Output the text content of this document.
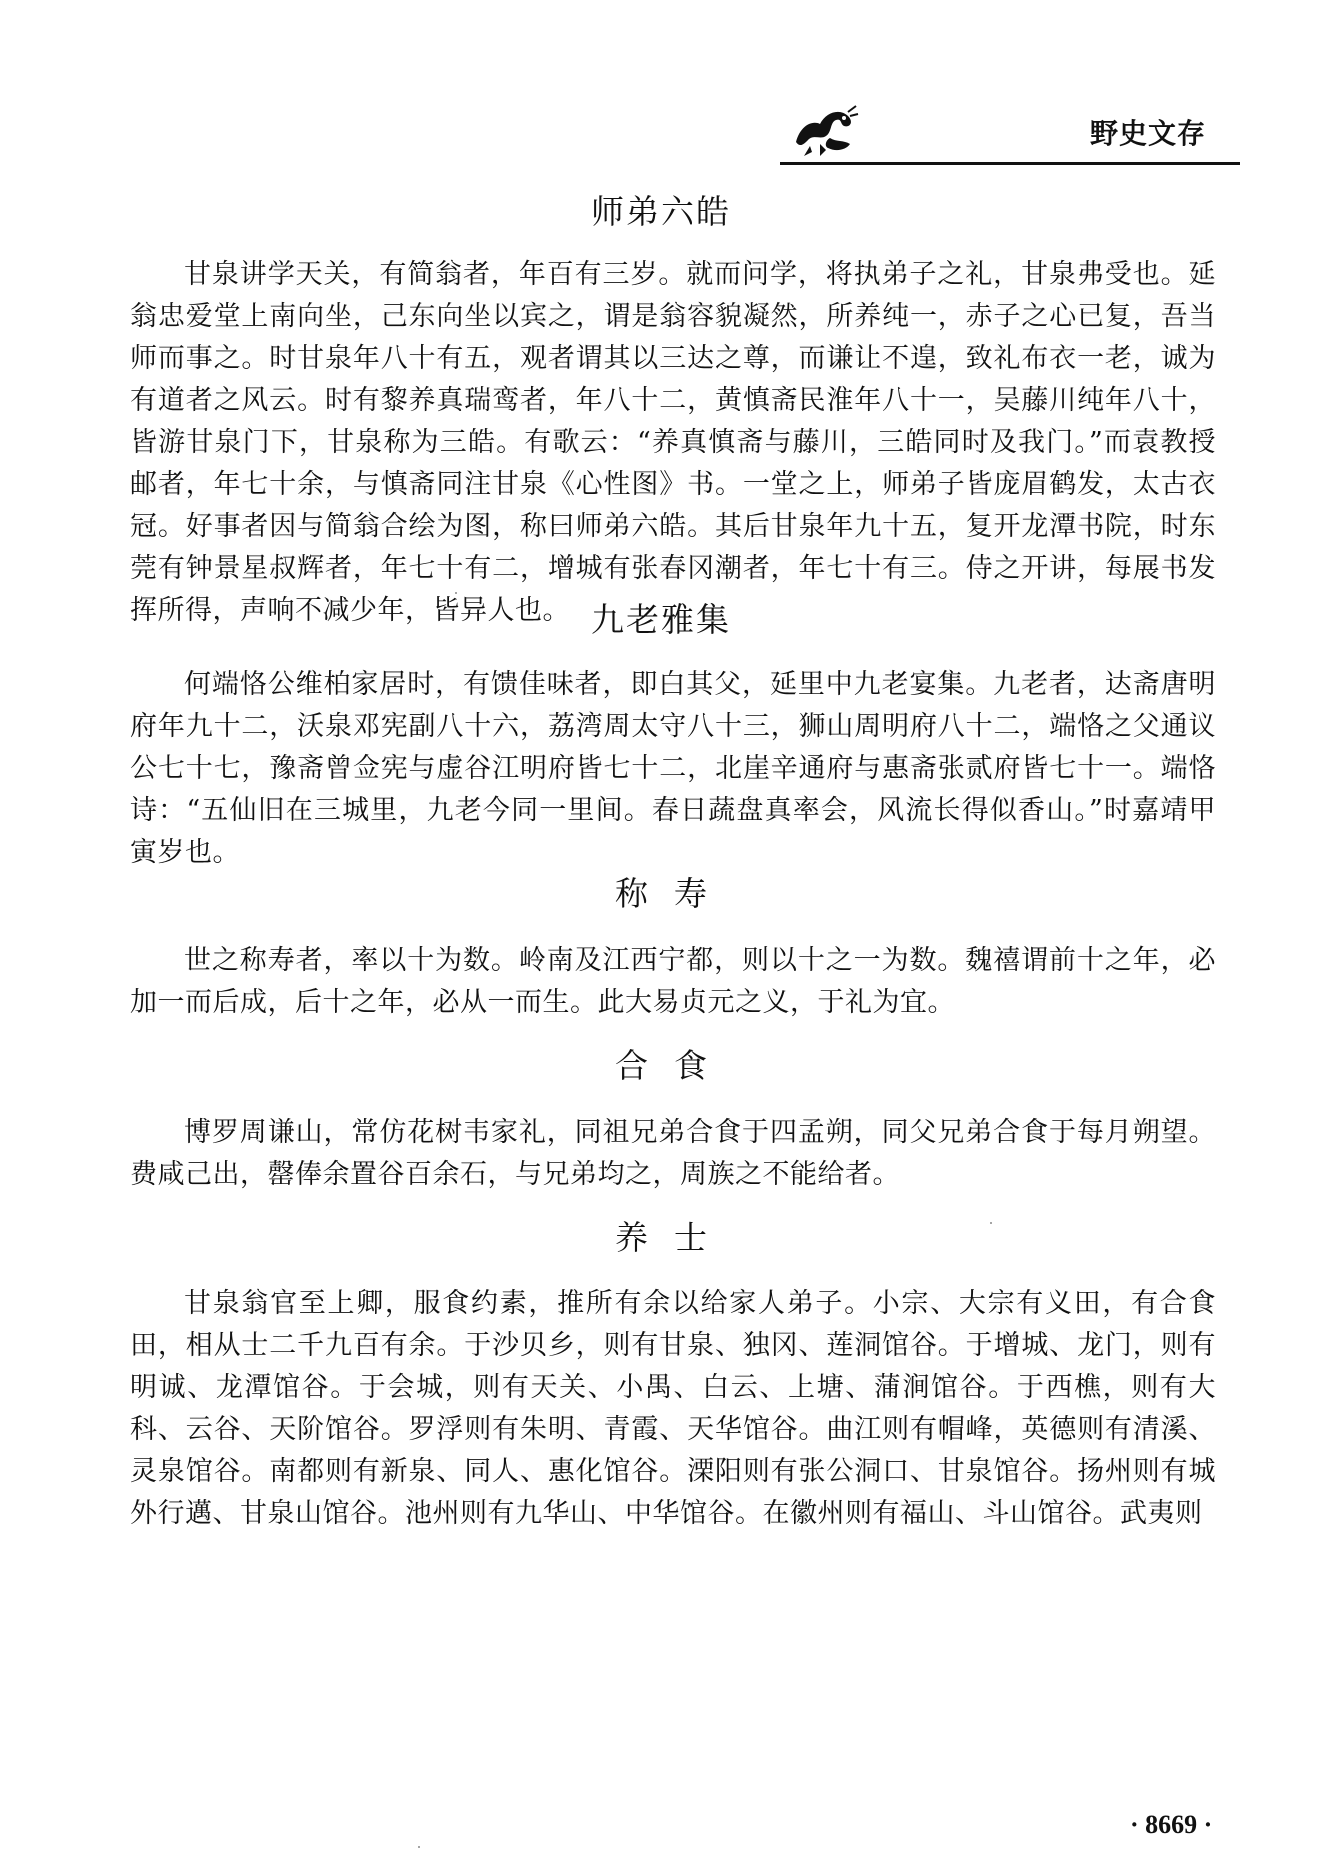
野史文存
师弟六皓

甘泉讲学天关，有简翁者，年百有三岁。就而问学，将执弟子之礼，甘泉弗受也。延翁忠爱堂上南向坐，己东向坐以宾之，谓是翁容貌凝然，所养纯一，赤子之心已复，吾当师而事之。时甘泉年八十有五，观者谓其以三达之尊，而谦让不遑，致礼布衣一老，诚为有道者之风云。时有黎养真瑞鸾者，年八十二，黄慎斋民淮年八十一，吴藤川纯年八十，皆游甘泉门下，甘泉称为三皓。有歌云：“养真慎斋与藤川，三皓同时及我门。”而袁教授邮者，年七十余，与慎斋同注甘泉《心性图》书。一堂之上，师弟子皆庞眉鹤发，太古衣冠。好事者因与简翁合绘为图，称曰师弟六皓。其后甘泉年九十五，复开龙潭书院，时东莞有钟景星叔辉者，年七十有二，增城有张春冈潮者，年七十有三。侍之开讲，每展书发挥所得，声响不减少年，皆异人也。 九老雅集

何端恪公维柏家居时，有馈佳味者，即白其父，延里中九老宴集。九老者，达斋唐明府年九十二，沃泉邓宪副八十六，荔湾周太守八十三，狮山周明府八十二，端恪之父通议公七十七，豫斋曾佥宪与虚谷江明府皆七十二，北崖辛通府与惠斋张贰府皆七十一。端恪诗：“五仙旧在三城里，九老今同一里间。春日蔬盘真率会，风流长得似香山。”时嘉靖甲寅岁也。

称寿

世之称寿者，率以十为数。岭南及江西宁都，则以十之一为数。魏禧谓前十之年，必加一而后成，后十之年，必从一而生。此大易贞元之义，于礼为宜。

合食

博罗周谦山，常仿花树韦家礼，同祖兄弟合食于四孟朔，同父兄弟合食于每月朔望。费咸己出，罄俸余置谷百余石，与兄弟均之，周族之不能给者。

养士

甘泉翁官至上卿，服食约素，推所有余以给家人弟子。小宗、大宗有义田，有合食田，相从士二千九百有余。于沙贝乡，则有甘泉、独冈、莲洞馆谷。于增城、龙门，则有明诚、龙潭馆谷。于会城，则有天关、小禺、白云、上塘、蒲涧馆谷。于西樵，则有大科、云谷、天阶馆谷。罗浮则有朱明、青霞、天华馆谷。曲江则有帽峰，英德则有清溪、灵泉馆谷。南都则有新泉、同人、惠化馆谷。溧阳则有张公洞口、甘泉馆谷。扬州则有城外行邁、甘泉山馆谷。池州则有九华山、中华馆谷。在徽州则有福山、斗山馆谷。武夷则

· 8669 ·
